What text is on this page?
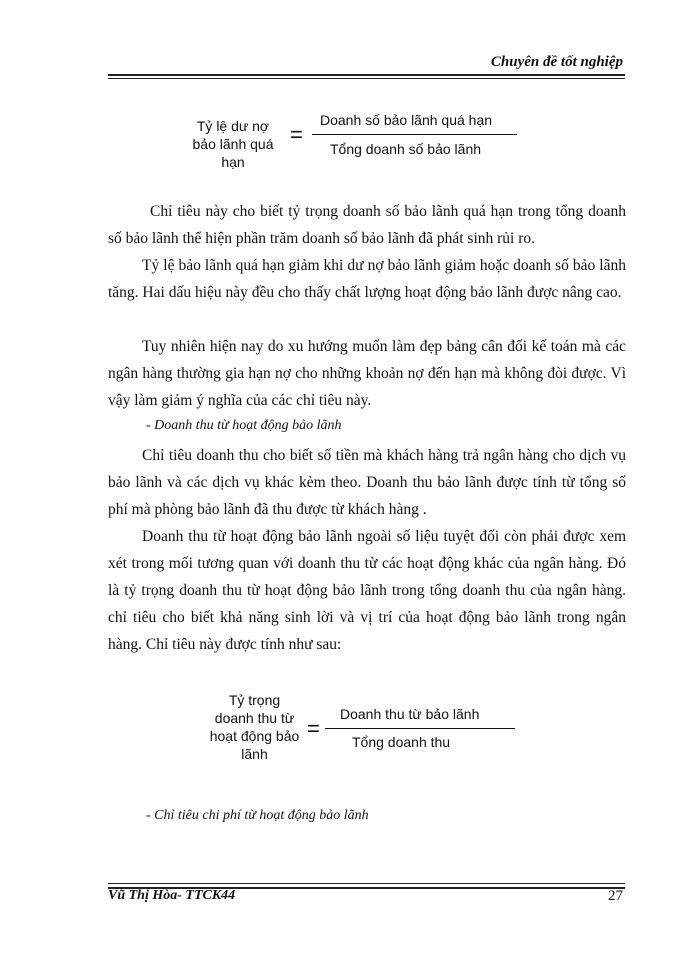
Chuyên đề tốt nghiệp
Tỷ lệ dư nợ
bảo lãnh quá
hạn
=
Doanh số bảo lãnh quá hạn
Tổng doanh số bảo lãnh
Chỉ tiêu này cho biết tỷ trọng doanh số bảo lãnh quá hạn trong tổng doanh số bảo lãnh thể hiện phần trăm doanh số bảo lãnh đã phát sinh rủi ro.
Tỷ lệ bảo lãnh quá hạn giảm khi dư nợ bảo lãnh giảm hoặc doanh số bảo lãnh tăng. Hai dấu hiệu này đều cho thấy chất lượng hoạt động bảo lãnh được nâng cao.
Tuy nhiên hiện nay do xu hướng muốn làm đẹp bảng cân đối kế toán mà các ngân hàng thường gia hạn nợ cho những khoản nợ đến hạn mà không đòi được. Vì vậy làm giảm ý nghĩa của các chỉ tiêu này.
- Doanh thu từ hoạt động bảo lãnh
Chỉ tiêu doanh thu cho biết số tiền mà khách hàng trả ngân hàng cho dịch vụ bảo lãnh và các dịch vụ khác kèm theo. Doanh thu bảo lãnh được tính từ tổng số phí mà phòng bảo lãnh đã thu được từ khách hàng .
Doanh thu từ hoạt động bảo lãnh ngoài số liệu tuyệt đối còn phải được xem xét trong mối tương quan với doanh thu từ các hoạt động khác của ngân hàng. Đó là tỷ trọng doanh thu từ hoạt động bảo lãnh trong tổng doanh thu của ngân hàng. chỉ tiêu cho biết khả năng sinh lời và vị trí của hoạt động bảo lãnh trong ngân hàng. Chỉ tiêu này được tính như sau:
Tỷ trọng
doanh thu từ
hoạt động bảo
lãnh
=
Doanh thu từ bảo lãnh
Tổng doanh thu
- Chỉ tiêu chi phí từ hoạt động bảo lãnh
Vũ Thị Hòa- TTCK44	27
